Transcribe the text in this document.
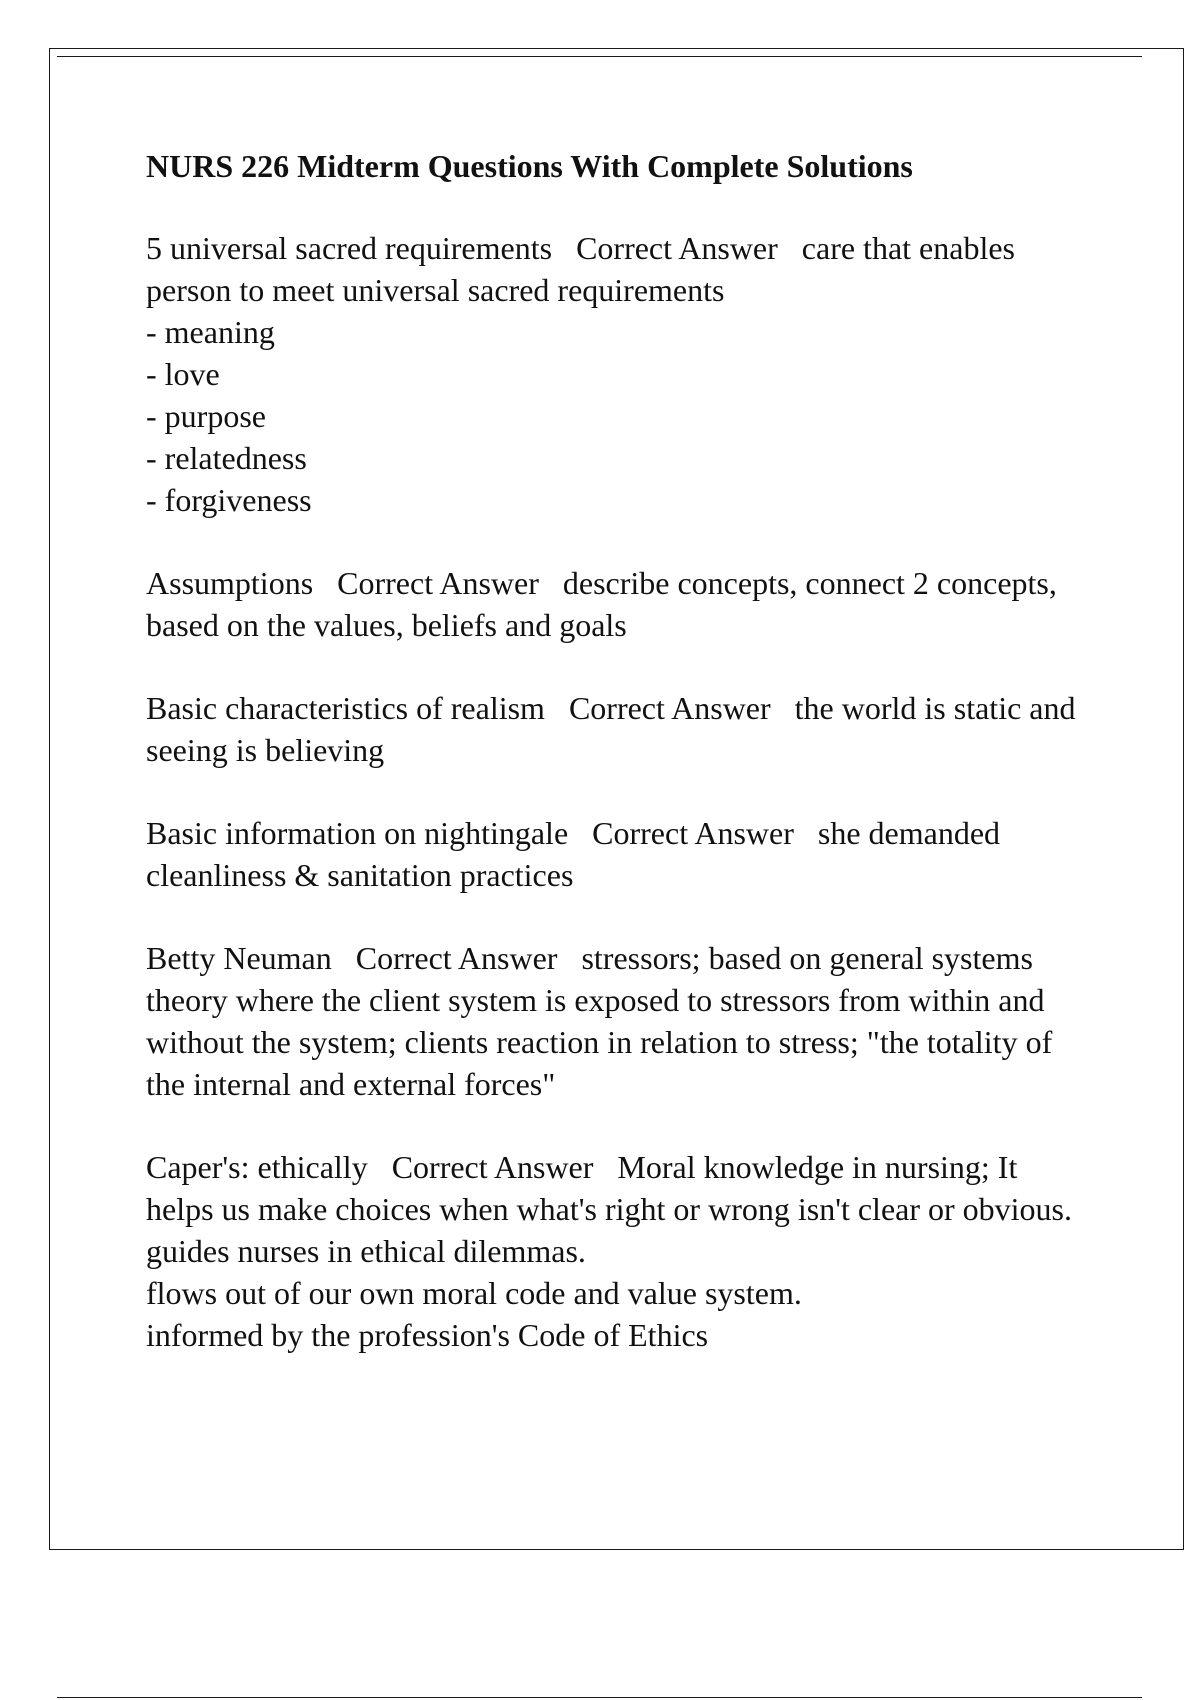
NURS 226 Midterm Questions With Complete Solutions
5 universal sacred requirements Correct Answer care that enables person to meet universal sacred requirements
- meaning
- love
- purpose
- relatedness
- forgiveness
Assumptions Correct Answer describe concepts, connect 2 concepts, based on the values, beliefs and goals
Basic characteristics of realism Correct Answer the world is static and seeing is believing
Basic information on nightingale Correct Answer she demanded cleanliness & sanitation practices
Betty Neuman Correct Answer stressors; based on general systems theory where the client system is exposed to stressors from within and without the system; clients reaction in relation to stress; "the totality of the internal and external forces"
Caper's: ethically Correct Answer Moral knowledge in nursing; It helps us make choices when what's right or wrong isn't clear or obvious.
guides nurses in ethical dilemmas.
flows out of our own moral code and value system.
informed by the profession's Code of Ethics
